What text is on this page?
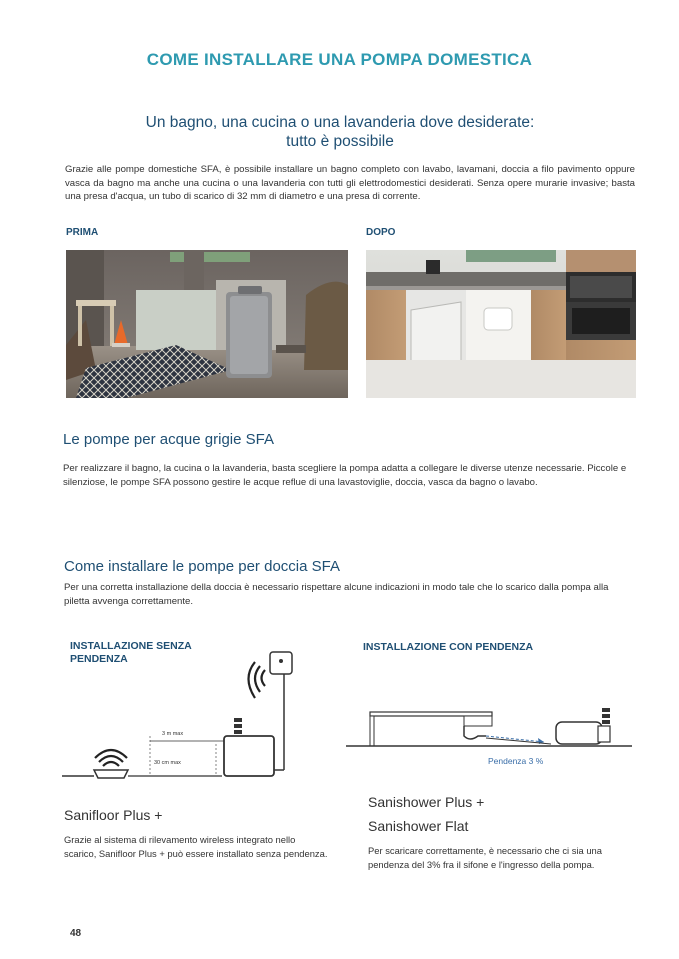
COME INSTALLARE UNA POMPA DOMESTICA
Un bagno, una cucina o una lavanderia dove desiderate:
tutto è possibile
Grazie alle pompe domestiche SFA, è possibile installare un bagno completo con lavabo, lavamani, doccia a filo pavimento oppure vasca da bagno ma anche una cucina o una lavanderia con tutti gli elettrodomestici desiderati. Senza opere murarie invasive; basta una presa d'acqua, un tubo di scarico di 32 mm di diametro e una presa di corrente.
PRIMA	DOPO
Le pompe per acque grigie SFA
Per realizzare il bagno, la cucina o la lavanderia, basta scegliere la pompa adatta a collegare le diverse utenze necessarie. Piccole e silenziose, le pompe SFA possono gestire le acque reflue di una lavastoviglie, doccia, vasca da bagno o lavabo.
Come installare le pompe per doccia SFA
Per una corretta installazione della doccia è necessario rispettare alcune indicazioni in modo tale che lo scarico dalla pompa alla piletta avvenga correttamente.
INSTALLAZIONE SENZA
PENDENZA
3 m max
30 cm max
Sanifloor Plus +
Grazie al sistema di rilevamento wireless integrato nello scarico, Sanifloor Plus + può essere installato senza pendenza.
INSTALLAZIONE CON PENDENZA
Pendenza 3 %
Sanishower Plus +
Sanishower Flat
Per scaricare correttamente, è necessario che ci sia una pendenza del 3% fra il sifone e l'ingresso della pompa.
48
